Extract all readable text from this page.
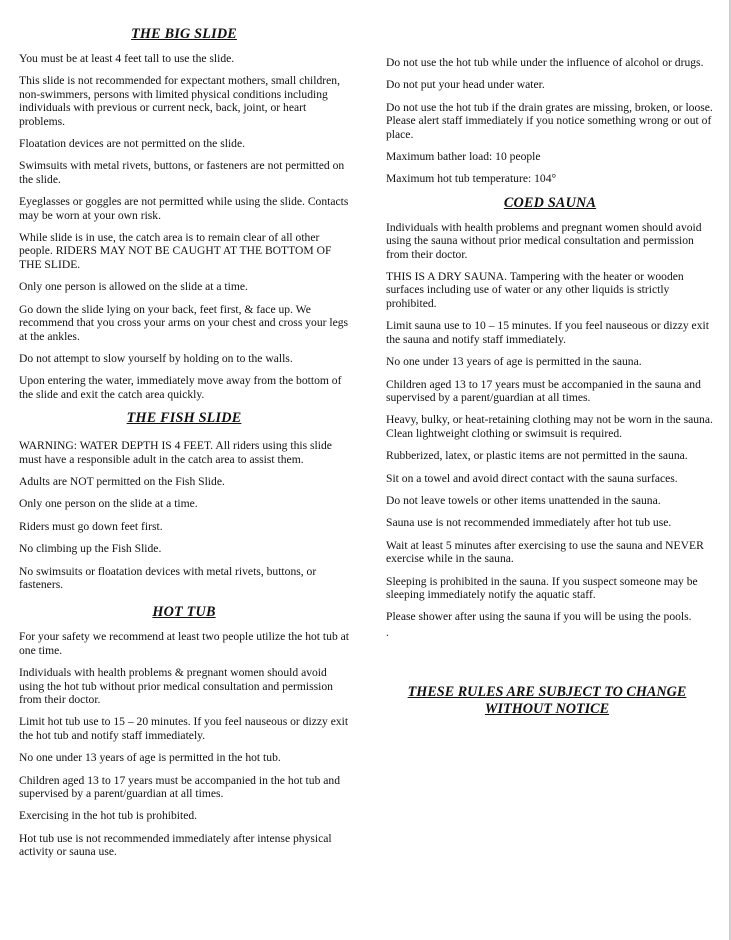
THE BIG SLIDE

You must be at least 4 feet tall to use the slide.

This slide is not recommended for expectant mothers, small children, non-swimmers, persons with limited physical conditions including individuals with previous or current neck, back, joint, or heart problems.

Floatation devices are not permitted on the slide.

Swimsuits with metal rivets, buttons, or fasteners are not permitted on the slide.

Eyeglasses or goggles are not permitted while using the slide. Contacts may be worn at your own risk.

While slide is in use, the catch area is to remain clear of all other people. RIDERS MAY NOT BE CAUGHT AT THE BOTTOM OF THE SLIDE.

Only one person is allowed on the slide at a time.

Go down the slide lying on your back, feet first, & face up. We recommend that you cross your arms on your chest and cross your legs at the ankles.

Do not attempt to slow yourself by holding on to the walls.

Upon entering the water, immediately move away from the bottom of the slide and exit the catch area quickly.

THE FISH SLIDE

WARNING: WATER DEPTH IS 4 FEET. All riders using this slide must have a responsible adult in the catch area to assist them.

Adults are NOT permitted on the Fish Slide.

Only one person on the slide at a time.

Riders must go down feet first.

No climbing up the Fish Slide.

No swimsuits or floatation devices with metal rivets, buttons, or fasteners.

HOT TUB

For your safety we recommend at least two people utilize the hot tub at one time.

Individuals with health problems & pregnant women should avoid using the hot tub without prior medical consultation and permission from their doctor.

Limit hot tub use to 15 – 20 minutes. If you feel nauseous or dizzy exit the hot tub and notify staff immediately.

No one under 13 years of age is permitted in the hot tub.

Children aged 13 to 17 years must be accompanied in the hot tub and supervised by a parent/guardian at all times.

Exercising in the hot tub is prohibited.

Hot tub use is not recommended immediately after intense physical activity or sauna use.

Do not use the hot tub while under the influence of alcohol or drugs.

Do not put your head under water.

Do not use the hot tub if the drain grates are missing, broken, or loose. Please alert staff immediately if you notice something wrong or out of place.

Maximum bather load: 10 people

Maximum hot tub temperature: 104°

COED SAUNA

Individuals with health problems and pregnant women should avoid using the sauna without prior medical consultation and permission from their doctor.

THIS IS A DRY SAUNA. Tampering with the heater or wooden surfaces including use of water or any other liquids is strictly prohibited.

Limit sauna use to 10 – 15 minutes. If you feel nauseous or dizzy exit the sauna and notify staff immediately.

No one under 13 years of age is permitted in the sauna.

Children aged 13 to 17 years must be accompanied in the sauna and supervised by a parent/guardian at all times.

Heavy, bulky, or heat-retaining clothing may not be worn in the sauna. Clean lightweight clothing or swimsuit is required.

Rubberized, latex, or plastic items are not permitted in the sauna.

Sit on a towel and avoid direct contact with the sauna surfaces.

Do not leave towels or other items unattended in the sauna.

Sauna use is not recommended immediately after hot tub use.

Wait at least 5 minutes after exercising to use the sauna and NEVER exercise while in the sauna.

Sleeping is prohibited in the sauna. If you suspect someone may be sleeping immediately notify the aquatic staff.

Please shower after using the sauna if you will be using the pools.

.

THESE RULES ARE SUBJECT TO CHANGE
WITHOUT NOTICE
